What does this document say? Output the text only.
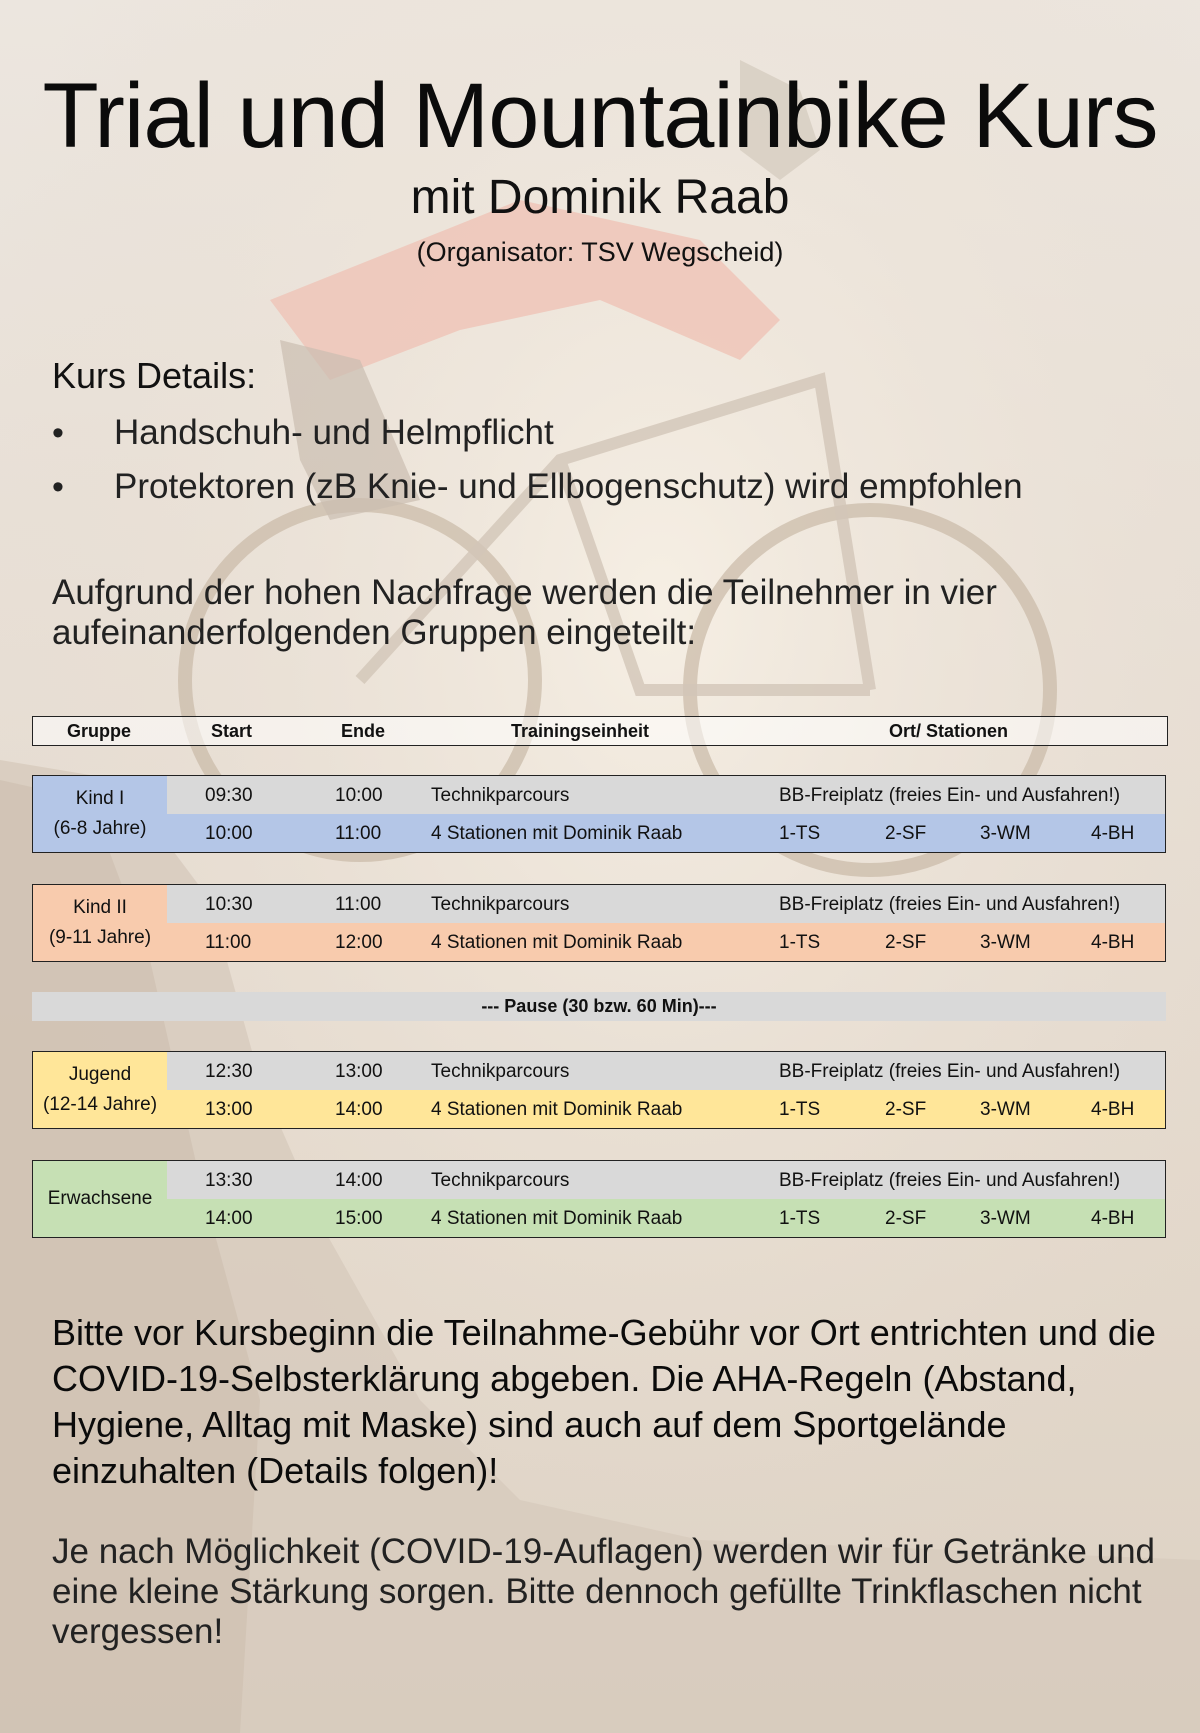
Trial und Mountainbike Kurs
mit Dominik Raab
(Organisator: TSV Wegscheid)
Kurs Details:
• Handschuh- und Helmpflicht
• Protektoren (zB Knie- und Ellbogenschutz) wird empfohlen

Aufgrund der hohen Nachfrage werden die Teilnehmer in vier aufeinanderfolgenden Gruppen eingeteilt:

Gruppe	Start	Ende	Trainingseinheit	Ort/ Stationen
Kind I
(6-8 Jahre)
09:30	10:00	Technikparcours	BB-Freiplatz (freies Ein- und Ausfahren!)
10:00	11:00	4 Stationen mit Dominik Raab	1-TS	2-SF	3-WM	4-BH
Kind II
(9-11 Jahre)
10:30	11:00	Technikparcours	BB-Freiplatz (freies Ein- und Ausfahren!)
11:00	12:00	4 Stationen mit Dominik Raab	1-TS	2-SF	3-WM	4-BH
--- Pause (30 bzw. 60 Min)---
Jugend
(12-14 Jahre)
12:30	13:00	Technikparcours	BB-Freiplatz (freies Ein- und Ausfahren!)
13:00	14:00	4 Stationen mit Dominik Raab	1-TS	2-SF	3-WM	4-BH
Erwachsene
13:30	14:00	Technikparcours	BB-Freiplatz (freies Ein- und Ausfahren!)
14:00	15:00	4 Stationen mit Dominik Raab	1-TS	2-SF	3-WM	4-BH

Bitte vor Kursbeginn die Teilnahme-Gebühr vor Ort entrichten und die COVID-19-Selbsterklärung abgeben. Die AHA-Regeln (Abstand, Hygiene, Alltag mit Maske) sind auch auf dem Sportgelände einzuhalten (Details folgen)!

Je nach Möglichkeit (COVID-19-Auflagen) werden wir für Getränke und eine kleine Stärkung sorgen. Bitte dennoch gefüllte Trinkflaschen nicht vergessen!
